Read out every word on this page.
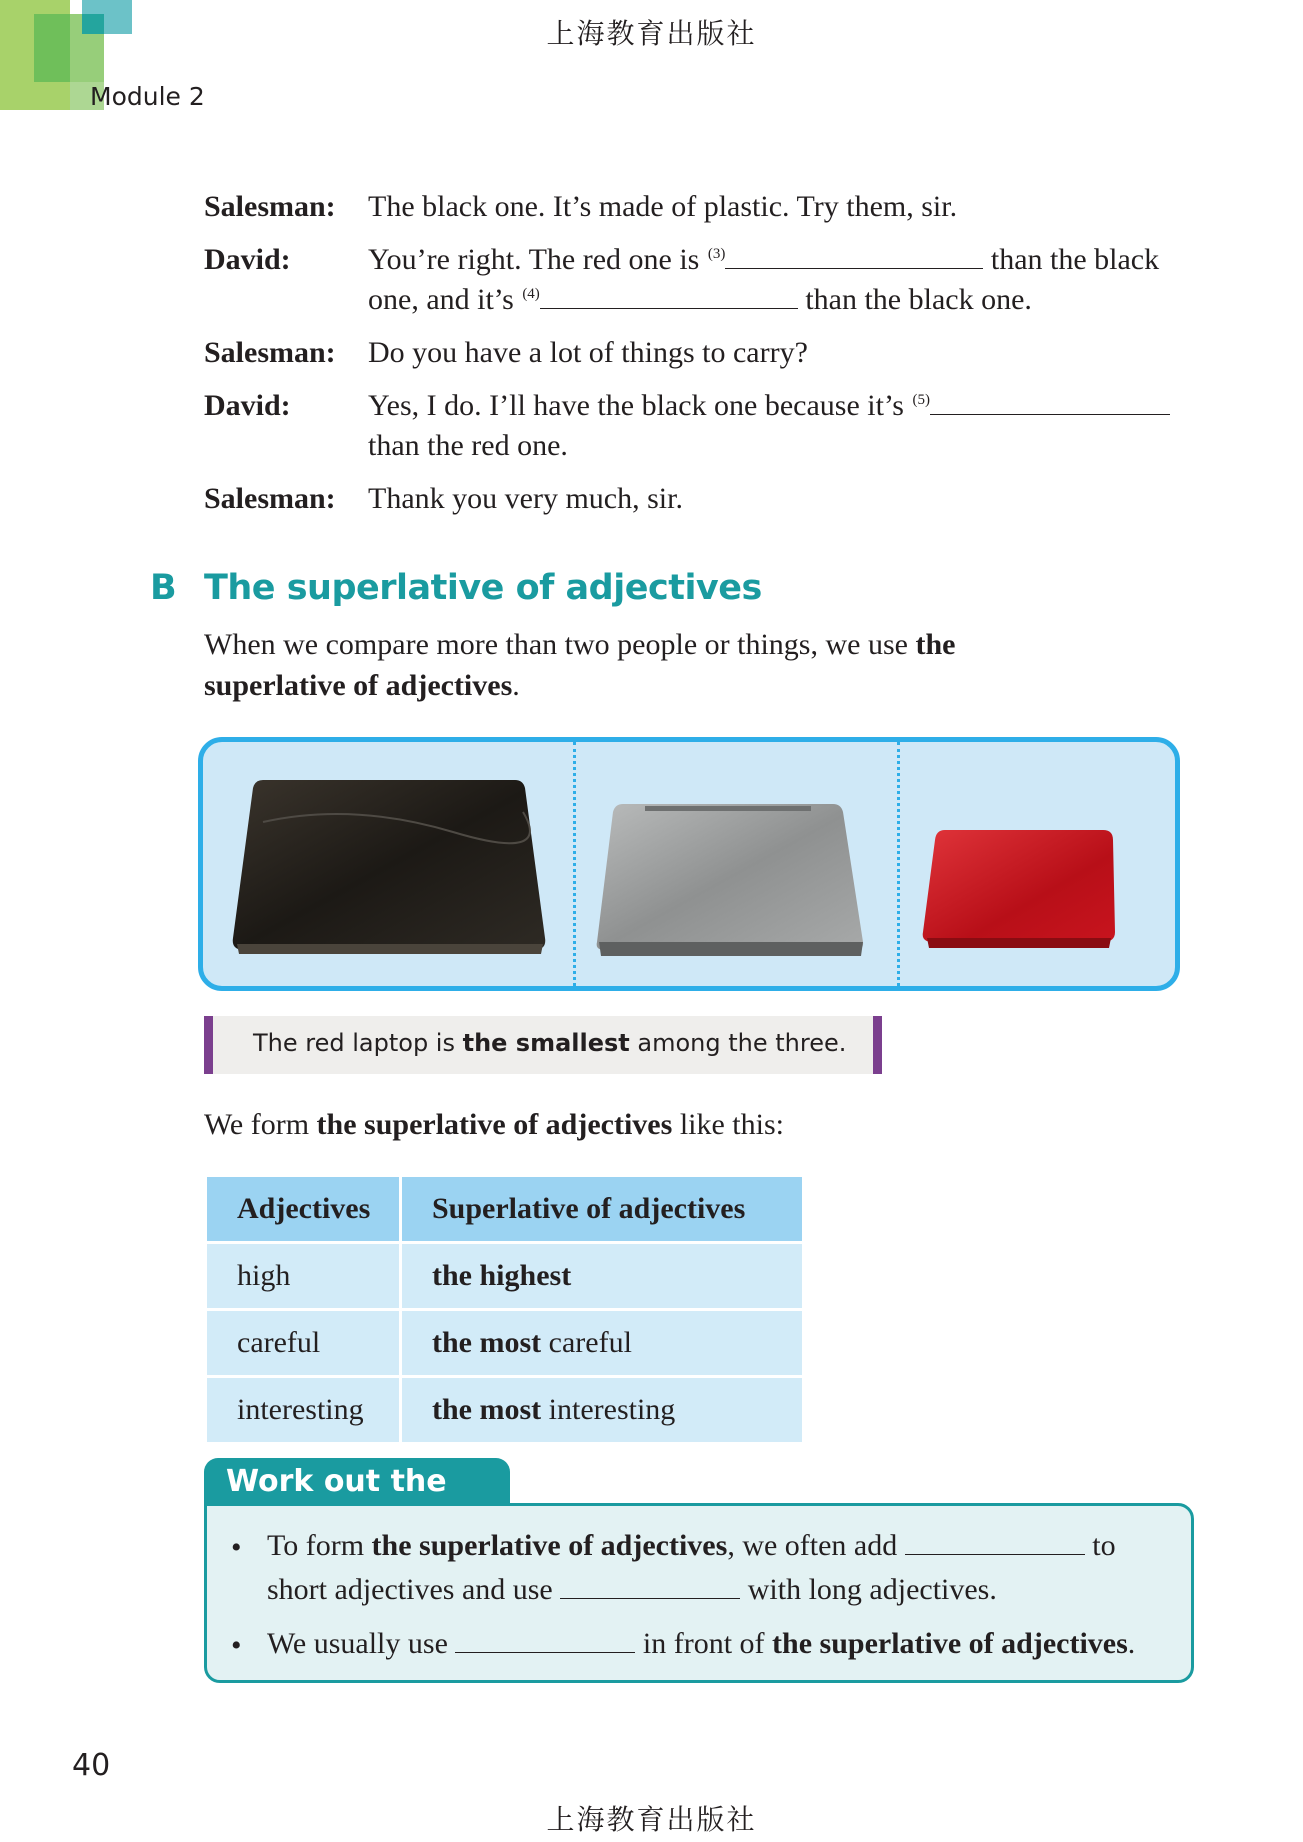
上海教育出版社
Module 2
Salesman:	The black one. It’s made of plastic. Try them, sir.
David:	You’re right. The red one is $^{(3)}$	than the black one, and it’s $^{(4)}$	than the black one.
Salesman:	Do you have a lot of things to carry?
David:	Yes, I do. I’ll have the black one because it’s $^{(5)}$ than the red one.
Salesman:	Thank you very much, sir.
B The superlative of adjectives
When we compare more than two people or things, we use the superlative of adjectives.
The red laptop is the smallest among the three.
We form the superlative of adjectives like this:
Adjectives	Superlative of adjectives
high	the highest
careful	the most careful
interesting	the most interesting
Work out the
• To form the superlative of adjectives, we often add	to short adjectives and use	with long adjectives.
• We usually use	in front of the superlative of adjectives.
40
上海教育出版社
